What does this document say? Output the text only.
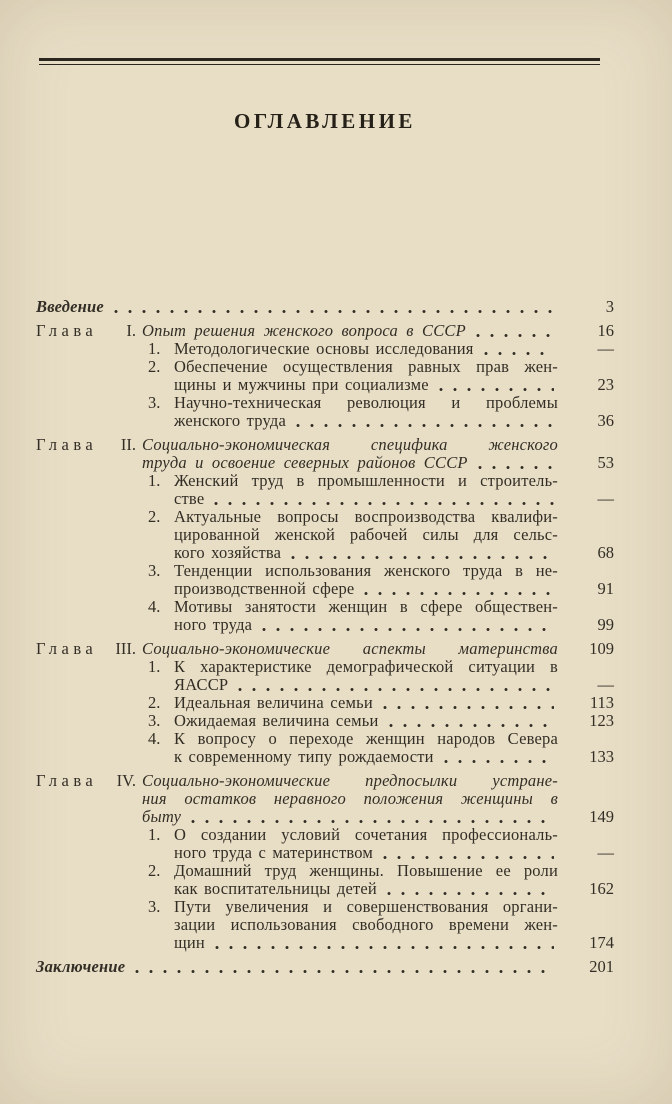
ОГЛАВЛЕНИЕ
Введение	3
Глава I. Опыт решения женского вопроса в СССР	16
1. Методологические основы исследования	—
2. Обеспечение осуществления равных прав жен-
щины и мужчины при социализме	23
3. Научно-техническая революция и проблемы
женского труда	36
Глава II. Социально-экономическая специфика женского
труда и освоение северных районов СССР	53
1. Женский труд в промышленности и строитель-
стве	—
2. Актуальные вопросы воспроизводства квалифи-
цированной женской рабочей силы для сельс-
кого хозяйства	68
3. Тенденции использования женского труда в не-
производственной сфере	91
4. Мотивы занятости женщин в сфере обществен-
ного труда	99
Глава III. Социально-экономические аспекты материнства	109
1. К характеристике демографической ситуации в
ЯАССР	—
2. Идеальная величина семьи	113
3. Ожидаемая величина семьи	123
4. К вопросу о переходе женщин народов Севера
к современному типу рождаемости	133
Глава IV. Социально-экономические предпосылки устране-
ния остатков неравного положения женщины в
быту	149
1. О создании условий сочетания профессиональ-
ного труда с материнством	—
2. Домашний труд женщины. Повышение ее роли
как воспитательницы детей	162
3. Пути увеличения и совершенствования органи-
зации использования свободного времени жен-
щин	174
Заключение	201
